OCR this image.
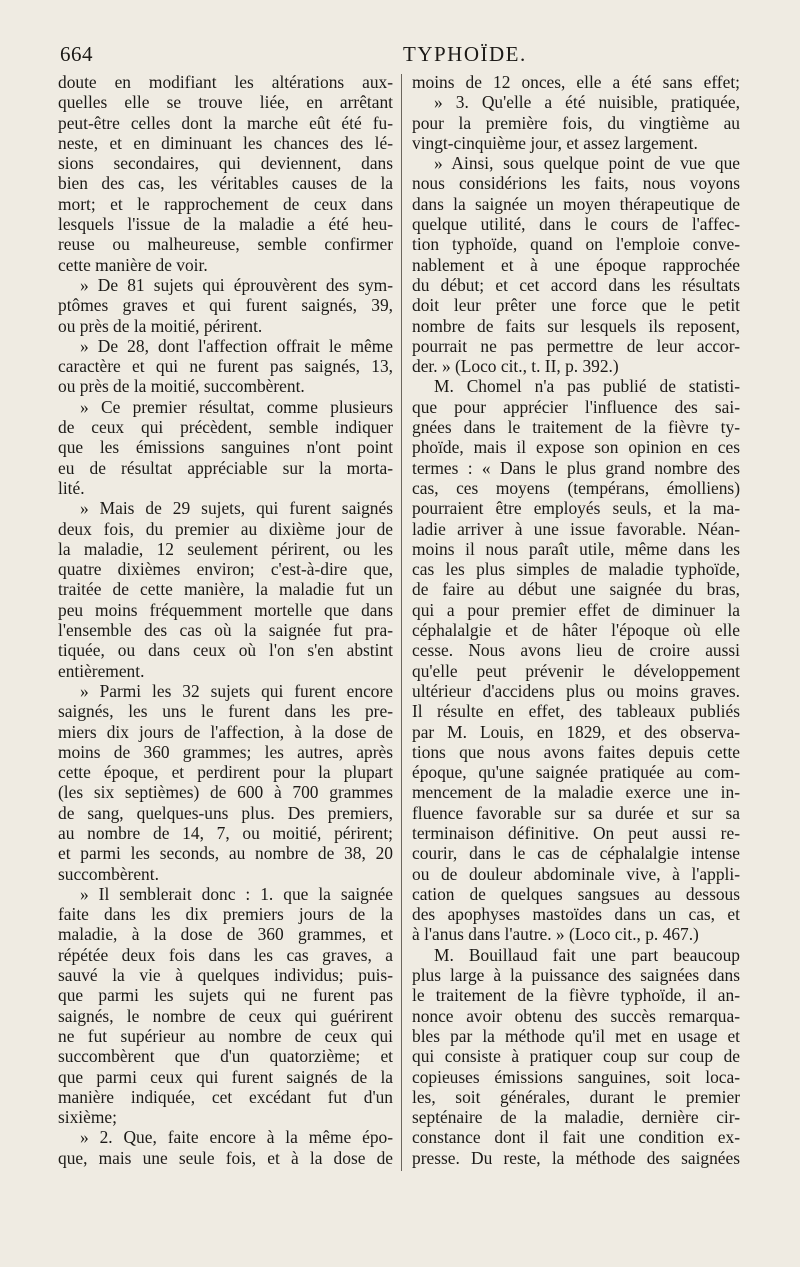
664	TYPHOÏDE.
doute en modifiant les altérations aux-
quelles elle se trouve liée, en arrêtant
peut-être celles dont la marche eût été fu-
neste, et en diminuant les chances des lé-
sions secondaires, qui deviennent, dans
bien des cas, les véritables causes de la
mort; et le rapprochement de ceux dans
lesquels l'issue de la maladie a été heu-
reuse ou malheureuse, semble confirmer
cette manière de voir.
» De 81 sujets qui éprouvèrent des sym-
ptômes graves et qui furent saignés, 39,
ou près de la moitié, périrent.
» De 28, dont l'affection offrait le même
caractère et qui ne furent pas saignés, 13,
ou près de la moitié, succombèrent.
» Ce premier résultat, comme plusieurs
de ceux qui précèdent, semble indiquer
que les émissions sanguines n'ont point
eu de résultat appréciable sur la morta-
lité.
» Mais de 29 sujets, qui furent saignés
deux fois, du premier au dixième jour de
la maladie, 12 seulement périrent, ou les
quatre dixièmes environ; c'est-à-dire que,
traitée de cette manière, la maladie fut un
peu moins fréquemment mortelle que dans
l'ensemble des cas où la saignée fut pra-
tiquée, ou dans ceux où l'on s'en abstint
entièrement.
» Parmi les 32 sujets qui furent encore
saignés, les uns le furent dans les pre-
miers dix jours de l'affection, à la dose de
moins de 360 grammes; les autres, après
cette époque, et perdirent pour la plupart
(les six septièmes) de 600 à 700 grammes
de sang, quelques-uns plus. Des premiers,
au nombre de 14, 7, ou moitié, périrent;
et parmi les seconds, au nombre de 38, 20
succombèrent.
» Il semblerait donc : 1. que la saignée
faite dans les dix premiers jours de la
maladie, à la dose de 360 grammes, et
répétée deux fois dans les cas graves, a
sauvé la vie à quelques individus; puis-
que parmi les sujets qui ne furent pas
saignés, le nombre de ceux qui guérirent
ne fut supérieur au nombre de ceux qui
succombèrent que d'un quatorzième; et
que parmi ceux qui furent saignés de la
manière indiquée, cet excédant fut d'un
sixième;
» 2. Que, faite encore à la même épo-
que, mais une seule fois, et à la dose de
moins de 12 onces, elle a été sans effet;
» 3. Qu'elle a été nuisible, pratiquée,
pour la première fois, du vingtième au
vingt-cinquième jour, et assez largement.
» Ainsi, sous quelque point de vue que
nous considérions les faits, nous voyons
dans la saignée un moyen thérapeutique de
quelque utilité, dans le cours de l'affec-
tion typhoïde, quand on l'emploie conve-
nablement et à une époque rapprochée
du début; et cet accord dans les résultats
doit leur prêter une force que le petit
nombre de faits sur lesquels ils reposent,
pourrait ne pas permettre de leur accor-
der. » (Loco cit., t. II, p. 392.)
M. Chomel n'a pas publié de statisti-
que pour apprécier l'influence des sai-
gnées dans le traitement de la fièvre ty-
phoïde, mais il expose son opinion en ces
termes : « Dans le plus grand nombre des
cas, ces moyens (tempérans, émolliens)
pourraient être employés seuls, et la ma-
ladie arriver à une issue favorable. Néan-
moins il nous paraît utile, même dans les
cas les plus simples de maladie typhoïde,
de faire au début une saignée du bras,
qui a pour premier effet de diminuer la
céphalalgie et de hâter l'époque où elle
cesse. Nous avons lieu de croire aussi
qu'elle peut prévenir le développement
ultérieur d'accidens plus ou moins graves.
Il résulte en effet, des tableaux publiés
par M. Louis, en 1829, et des observa-
tions que nous avons faites depuis cette
époque, qu'une saignée pratiquée au com-
mencement de la maladie exerce une in-
fluence favorable sur sa durée et sur sa
terminaison définitive. On peut aussi re-
courir, dans le cas de céphalalgie intense
ou de douleur abdominale vive, à l'appli-
cation de quelques sangsues au dessous
des apophyses mastoïdes dans un cas, et
à l'anus dans l'autre. » (Loco cit., p. 467.)
M. Bouillaud fait une part beaucoup
plus large à la puissance des saignées dans
le traitement de la fièvre typhoïde, il an-
nonce avoir obtenu des succès remarqua-
bles par la méthode qu'il met en usage et
qui consiste à pratiquer coup sur coup de
copieuses émissions sanguines, soit loca-
les, soit générales, durant le premier
septénaire de la maladie, dernière cir-
constance dont il fait une condition ex-
presse. Du reste, la méthode des saignées
